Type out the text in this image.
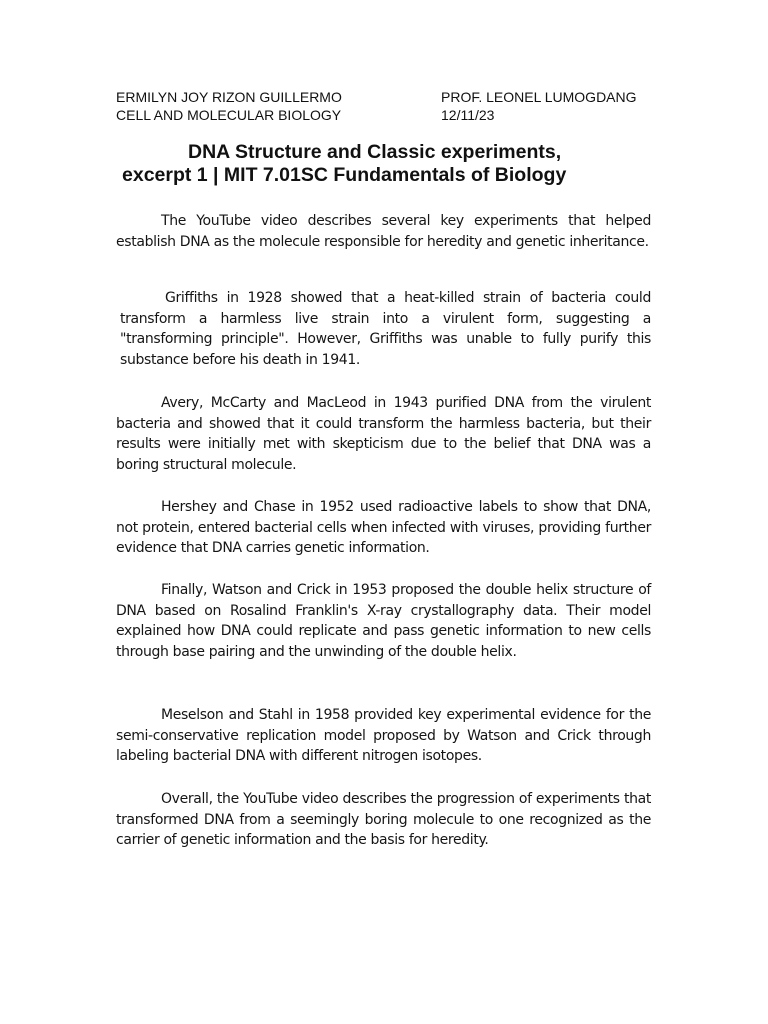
ERMILYN JOY RIZON GUILLERMO
CELL AND MOLECULAR BIOLOGY
PROF. LEONEL LUMOGDANG
12/11/23
DNA Structure and Classic experiments,
excerpt 1 | MIT 7.01SC Fundamentals of Biology

The YouTube video describes several key experiments that helped establish DNA as the molecule responsible for heredity and genetic inheritance.

Griffiths in 1928 showed that a heat-killed strain of bacteria could transform a harmless live strain into a virulent form, suggesting a "transforming principle". However, Griffiths was unable to fully purify this substance before his death in 1941.

Avery, McCarty and MacLeod in 1943 purified DNA from the virulent bacteria and showed that it could transform the harmless bacteria, but their results were initially met with skepticism due to the belief that DNA was a boring structural molecule.

Hershey and Chase in 1952 used radioactive labels to show that DNA, not protein, entered bacterial cells when infected with viruses, providing further evidence that DNA carries genetic information.

Finally, Watson and Crick in 1953 proposed the double helix structure of DNA based on Rosalind Franklin's X-ray crystallography data. Their model explained how DNA could replicate and pass genetic information to new cells through base pairing and the unwinding of the double helix.

Meselson and Stahl in 1958 provided key experimental evidence for the semi-conservative replication model proposed by Watson and Crick through labeling bacterial DNA with different nitrogen isotopes.

Overall, the YouTube video describes the progression of experiments that transformed DNA from a seemingly boring molecule to one recognized as the carrier of genetic information and the basis for heredity.
